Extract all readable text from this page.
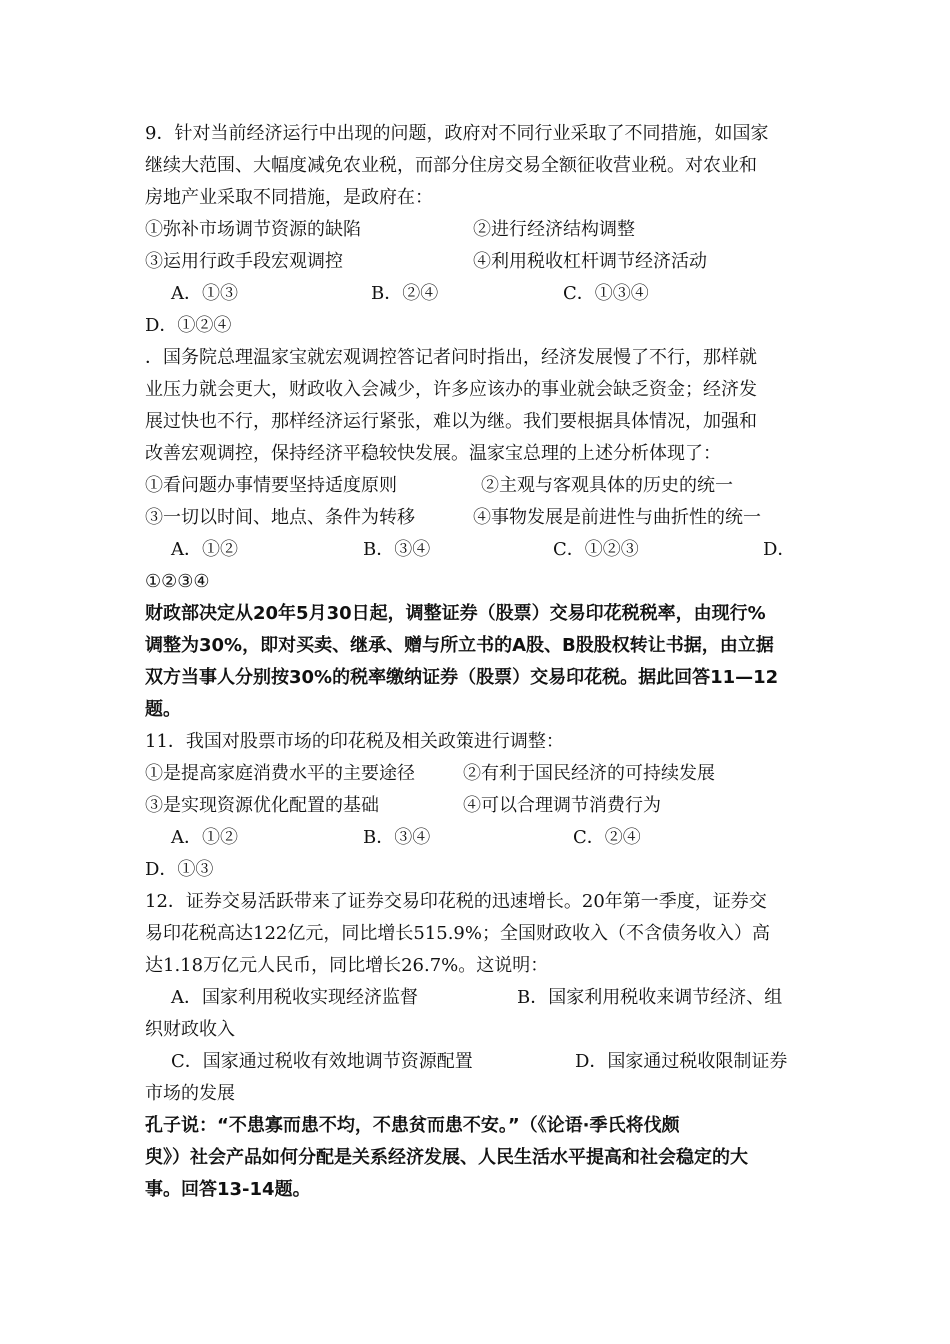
9．针对当前经济运行中出现的问题，政府对不同行业采取了不同措施，如国家
继续大范围、大幅度减免农业税，而部分住房交易全额征收营业税。对农业和
房地产业采取不同措施，是政府在：
①弥补市场调节资源的缺陷	②进行经济结构调整
③运用行政手段宏观调控	④利用税收杠杆调节经济活动
A．①③	B．②④	C．①③④
D．①②④
．国务院总理温家宝就宏观调控答记者问时指出，经济发展慢了不行，那样就
业压力就会更大，财政收入会减少，许多应该办的事业就会缺乏资金；经济发
展过快也不行，那样经济运行紧张，难以为继。我们要根据具体情况，加强和
改善宏观调控，保持经济平稳较快发展。温家宝总理的上述分析体现了：
①看问题办事情要坚持适度原则	②主观与客观具体的历史的统一
③一切以时间、地点、条件为转移	④事物发展是前进性与曲折性的统一
A．①②	B．③④	C．①②③	D．
①②③④
财政部决定从20年5月30日起，调整证券（股票）交易印花税税率，由现行%
调整为30%，即对买卖、继承、赠与所立书的A股、B股股权转让书据，由立据
双方当事人分别按30%的税率缴纳证券（股票）交易印花税。据此回答11—12
题。
11．我国对股票市场的印花税及相关政策进行调整：
①是提高家庭消费水平的主要途径	②有利于国民经济的可持续发展
③是实现资源优化配置的基础	④可以合理调节消费行为
A．①②	B．③④	C．②④
D．①③
12．证券交易活跃带来了证券交易印花税的迅速增长。20年第一季度，证券交
易印花税高达122亿元，同比增长515.9%；全国财政收入（不含债务收入）高
达1.18万亿元人民币，同比增长26.7%。这说明：
A．国家利用税收实现经济监督	B．国家利用税收来调节经济、组
织财政收入
C．国家通过税收有效地调节资源配置	D．国家通过税收限制证券
市场的发展
孔子说：“不患寡而患不均，不患贫而患不安。”（《论语·季氏将伐颇
臾》）社会产品如何分配是关系经济发展、人民生活水平提高和社会稳定的大
事。回答13-14题。
